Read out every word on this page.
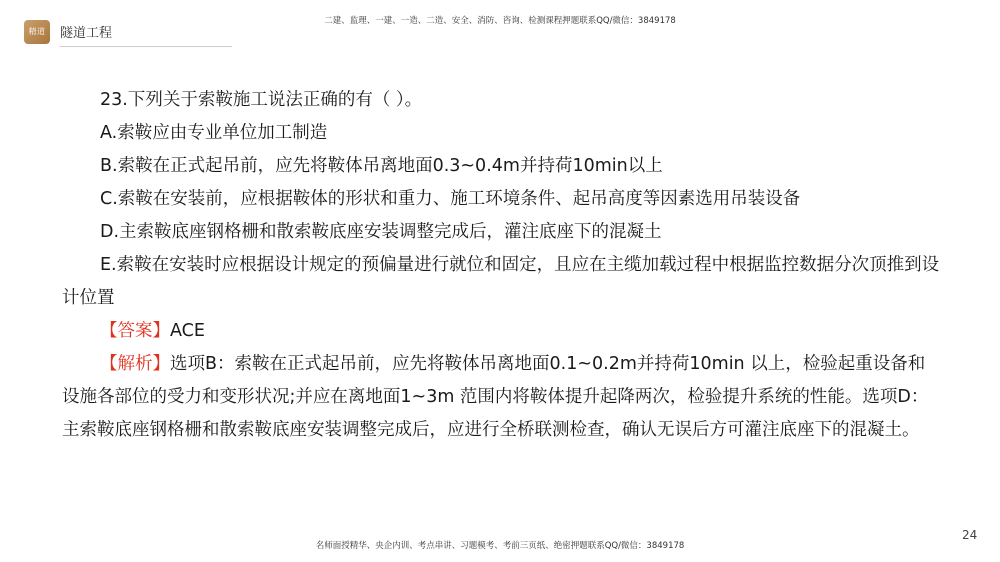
精道	隧道工程
二建、监理、一建、一造、二造、安全、消防、咨询、检测课程押题联系QQ/微信：3849178

23.下列关于索鞍施工说法正确的有（ ）。

A.索鞍应由专业单位加工制造

B.索鞍在正式起吊前，应先将鞍体吊离地面0.3~0.4m并持荷10min以上

C.索鞍在安装前，应根据鞍体的形状和重力、施工环境条件、起吊高度等因素选用吊装设备

D.主索鞍底座钢格栅和散索鞍底座安装调整完成后，灌注底座下的混凝土

E.索鞍在安装时应根据设计规定的预偏量进行就位和固定，且应在主缆加载过程中根据监控数据分次顶推到设计位置

【答案】ACE

【解析】选项B：索鞍在正式起吊前，应先将鞍体吊离地面0.1~0.2m并持荷10min 以上，检验起重设备和设施各部位的受力和变形状况;并应在离地面1~3m 范围内将鞍体提升起降两次，检验提升系统的性能。选项D：主索鞍底座钢格栅和散索鞍底座安装调整完成后，应进行全桥联测检查，确认无误后方可灌注底座下的混凝土。

名师面授精华、央企内训、考点串讲、习题模考、考前三页纸、绝密押题联系QQ/微信：3849178
24
